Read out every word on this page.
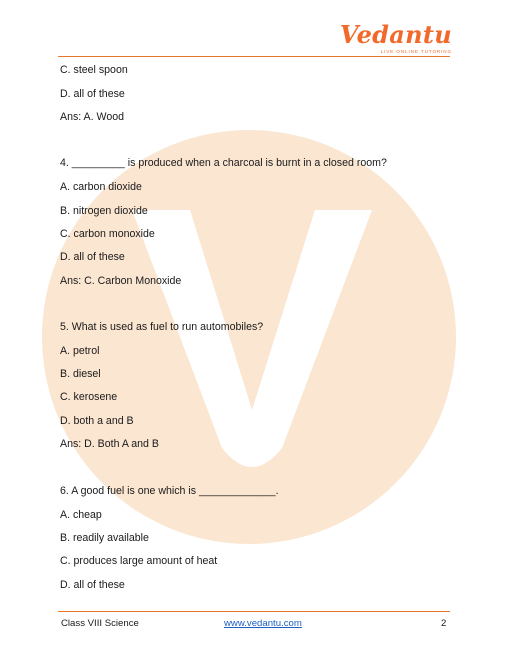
Vedantu
LIVE ONLINE TUTORING
C. steel spoon
D. all of these
Ans: A. Wood
4. _________ is produced when a charcoal is burnt in a closed room?
A. carbon dioxide
B. nitrogen dioxide
C. carbon monoxide
D. all of these
Ans: C. Carbon Monoxide
5. What is used as fuel to run automobiles?
A. petrol
B. diesel
C. kerosene
D. both a and B
Ans: D. Both A and B
6. A good fuel is one which is _____________.
A. cheap
B. readily available
C. produces large amount of heat
D. all of these
Class VIII Science	www.vedantu.com	2
